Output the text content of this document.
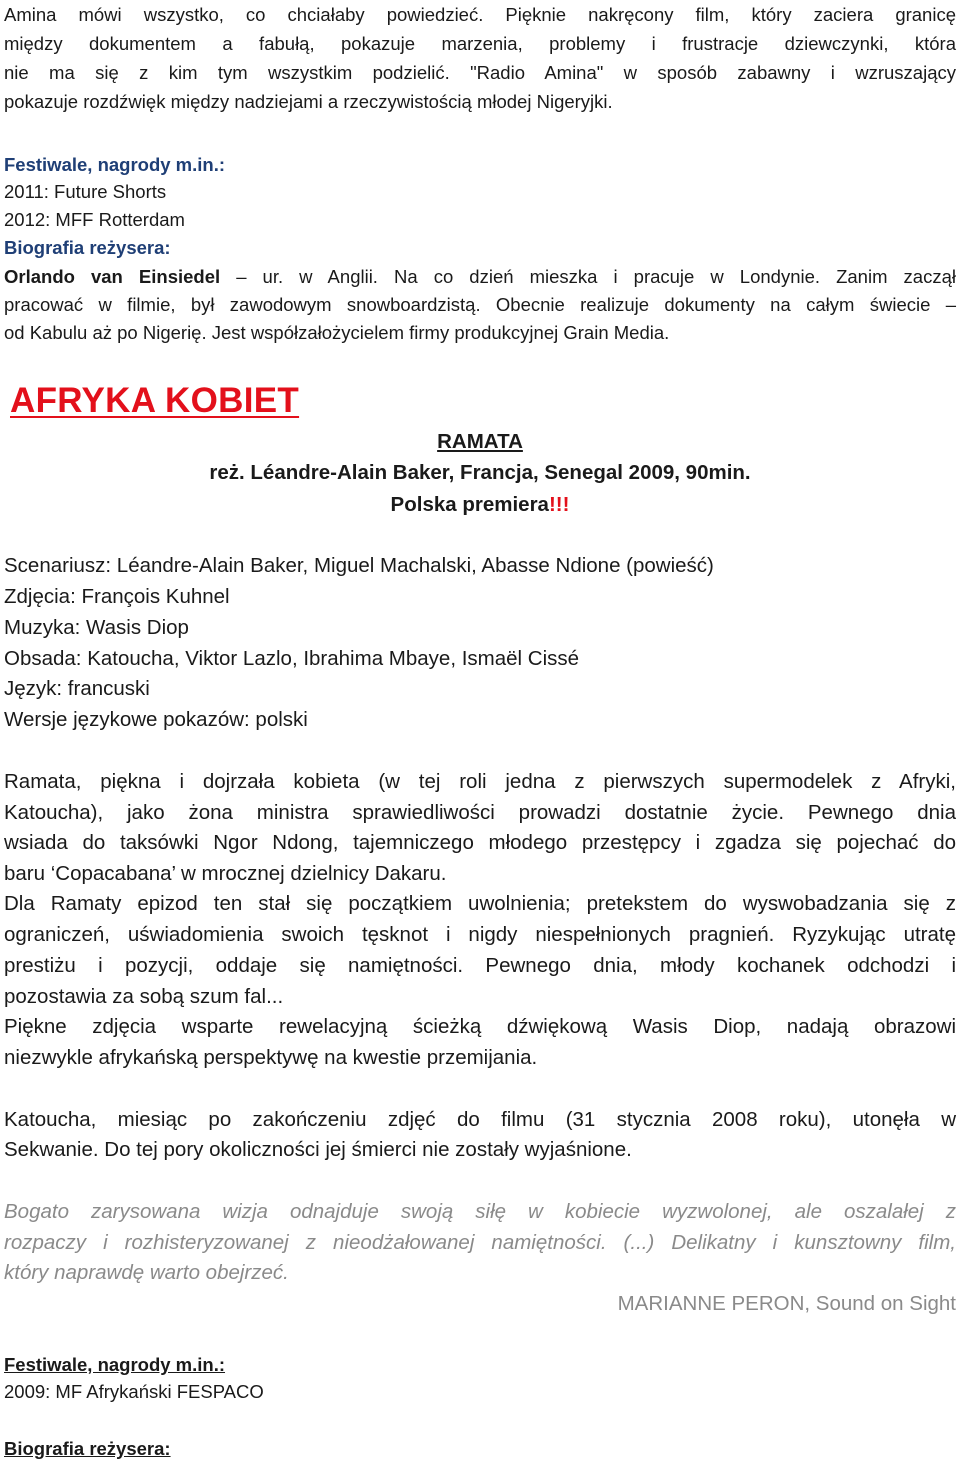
Amina mówi wszystko, co chciałaby powiedzieć. Pięknie nakręcony film, który zaciera granicę

między dokumentem a fabułą, pokazuje marzenia, problemy i frustracje dziewczynki, która

nie ma się z kim tym wszystkim podzielić. "Radio Amina" w sposób zabawny i wzruszający

pokazuje rozdźwięk między nadziejami a rzeczywistością młodej Nigeryjki.

Festiwale, nagrody m.in.:

2011: Future Shorts

2012: MFF Rotterdam

Biografia reżysera:

Orlando van Einsiedel – ur. w Anglii. Na co dzień mieszka i pracuje w Londynie. Zanim zaczął

pracować w filmie, był zawodowym snowboardzistą. Obecnie realizuje dokumenty na całym świecie –

od Kabulu aż po Nigerię. Jest współzałożycielem firmy produkcyjnej Grain Media.

AFRYKA KOBIET

RAMATA

reż. Léandre-Alain Baker, Francja, Senegal 2009, 90min.

Polska premiera!!!

Scenariusz: Léandre-Alain Baker, Miguel Machalski, Abasse Ndione (powieść)

Zdjęcia: François Kuhnel

Muzyka: Wasis Diop

Obsada: Katoucha, Viktor Lazlo, Ibrahima Mbaye, Ismaël Cissé

Język: francuski

Wersje językowe pokazów: polski

Ramata, piękna i dojrzała kobieta (w tej roli jedna z pierwszych supermodelek z Afryki,

Katoucha), jako żona ministra sprawiedliwości prowadzi dostatnie życie. Pewnego dnia

wsiada do taksówki Ngor Ndong, tajemniczego młodego przestępcy i zgadza się pojechać do

baru ‘Copacabana’ w mrocznej dzielnicy Dakaru.

Dla Ramaty epizod ten stał się początkiem uwolnienia; pretekstem do wyswobadzania się z

ograniczeń, uświadomienia swoich tęsknot i nigdy niespełnionych pragnień. Ryzykując utratę

prestiżu i pozycji, oddaje się namiętności. Pewnego dnia, młody kochanek odchodzi i

pozostawia za sobą szum fal...

Piękne zdjęcia wsparte rewelacyjną ścieżką dźwiękową Wasis Diop, nadają obrazowi

niezwykle afrykańską perspektywę na kwestie przemijania.

Katoucha, miesiąc po zakończeniu zdjęć do filmu (31 stycznia 2008 roku), utonęła w

Sekwanie. Do tej pory okoliczności jej śmierci nie zostały wyjaśnione.

Bogato zarysowana wizja odnajduje swoją siłę w kobiecie wyzwolonej, ale oszalałej z

rozpaczy i rozhisteryzowanej z nieodżałowanej namiętności. (...) Delikatny i kunsztowny film,

który naprawdę warto obejrzeć.

MARIANNE PERON, Sound on Sight

Festiwale, nagrody m.in.:

2009: MF Afrykański FESPACO

Biografia reżysera:
